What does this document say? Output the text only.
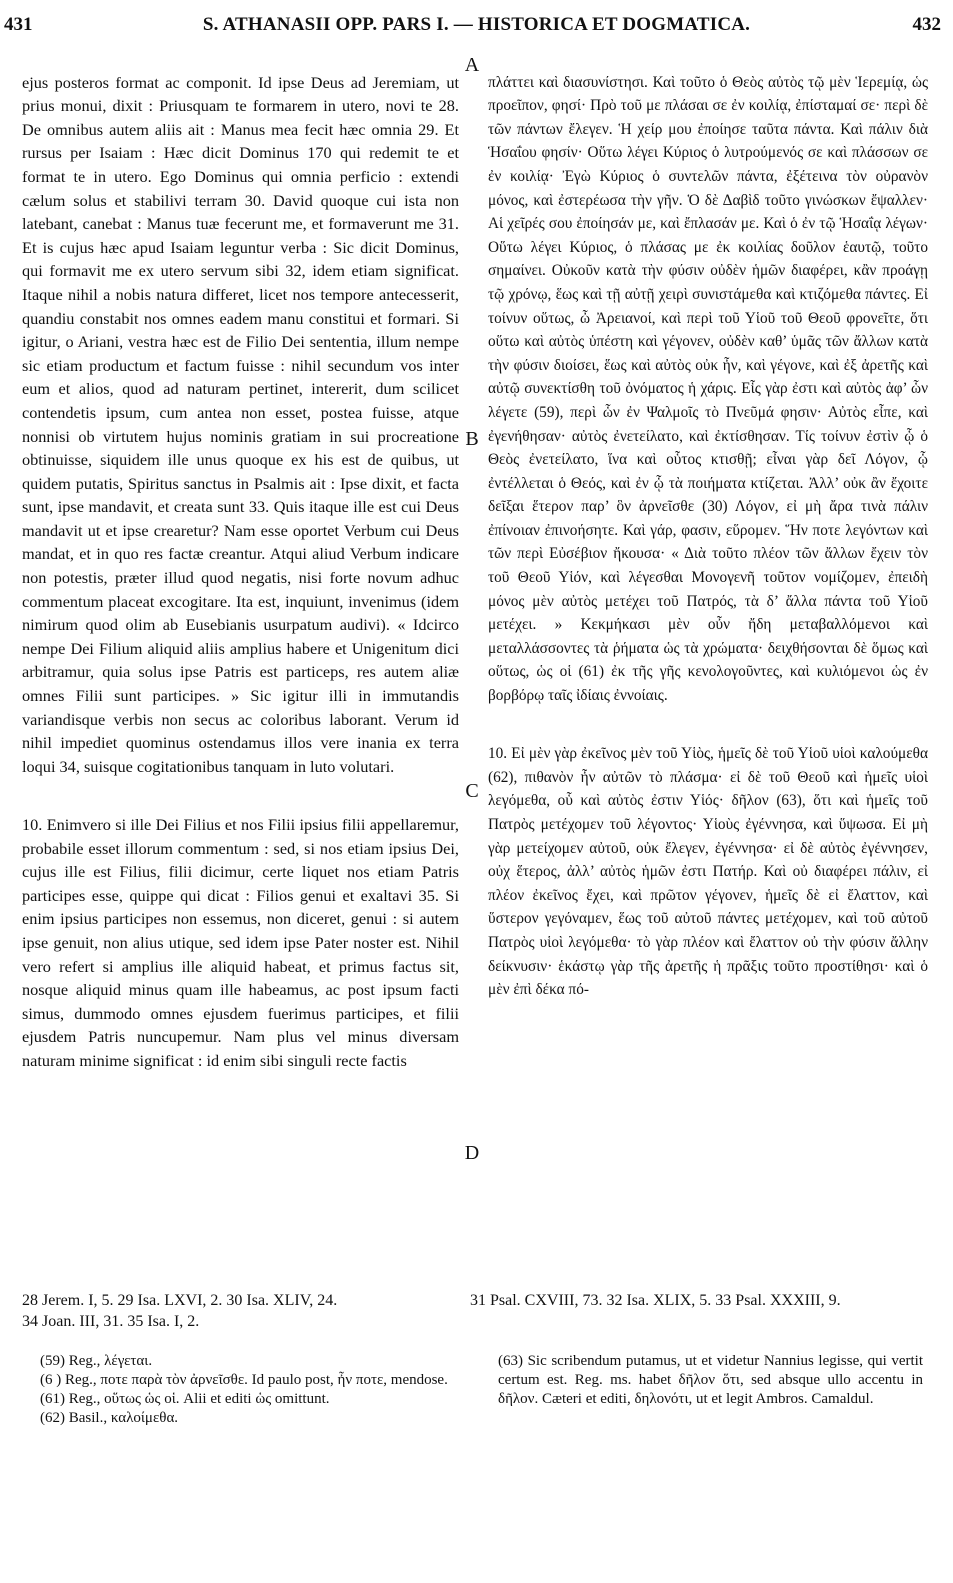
431	S. ATHANASII OPP. PARS I. — HISTORICA ET DOGMATICA.	432

ejus posteros format ac componit. Id ipse Deus ad Jeremiam, ut prius monui, dixit : Priusquam te formarem in utero, novi te 28. De omnibus autem aliis ait : Manus mea fecit hæc omnia 29. Et rursus per Isaiam : Hæc dicit Dominus 170 qui redemit te et format te in utero. Ego Dominus qui omnia perficio : extendi cælum solus et stabilivi terram 30. David quoque cui ista non latebant, canebat : Manus tuæ fecerunt me, et formaverunt me 31. Et is cujus hæc apud Isaiam leguntur verba : Sic dicit Dominus, qui formavit me ex utero servum sibi 32, idem etiam significat. Itaque nihil a nobis natura differet, licet nos tempore antecesserit, quandiu constabit nos omnes eadem manu constitui et formari. Si igitur, o Ariani, vestra hæc est de Filio Dei sententia, illum nempe sic etiam productum et factum fuisse : nihil secundum vos inter eum et alios, quod ad naturam pertinet, intererit, dum scilicet contendetis ipsum, cum antea non esset, postea fuisse, atque nonnisi ob virtutem hujus nominis gratiam in sui procreatione obtinuisse, siquidem ille unus quoque ex his est de quibus, ut quidem putatis, Spiritus sanctus in Psalmis ait : Ipse dixit, et facta sunt, ipse mandavit, et creata sunt 33. Quis itaque ille est cui Deus mandavit ut et ipse crearetur? Nam esse oportet Verbum cui Deus mandat, et in quo res factæ creantur. Atqui aliud Verbum indicare non potestis, præter illud quod negatis, nisi forte novum adhuc commentum placeat excogitare. Ita est, inquiunt, invenimus (idem nimirum quod olim ab Eusebianis usurpatum audivi). « Idcirco nempe Dei Filium aliquid aliis amplius habere et Unigenitum dici arbitramur, quia solus ipse Patris est particeps, res autem aliæ omnes Filii sunt participes. » Sic igitur illi in immutandis variandisque verbis non secus ac coloribus laborant. Verum id nihil impediet quominus ostendamus illos vere inania ex terra loqui 34, suisque cogitationibus tanquam in luto volutari.

10. Enimvero si ille Dei Filius et nos Filii ipsius filii appellaremur, probabile esset illorum commentum : sed, si nos etiam ipsius Dei, cujus ille est Filius, filii dicimur, certe liquet nos etiam Patris participes esse, quippe qui dicat : Filios genui et exaltavi 35. Si enim ipsius participes non essemus, non diceret, genui : si autem ipse genuit, non alius utique, sed idem ipse Pater noster est. Nihil vero refert si amplius ille aliquid habeat, et primus factus sit, nosque aliquid minus quam ille habeamus, ac post ipsum facti simus, dummodo omnes ejusdem fuerimus participes, et filii ejusdem Patris nuncupemur. Nam plus vel minus diversam naturam minime significat : id enim sibi singuli recte factis

A
B
C
D

πλάττει καὶ διασυνίστησι. Καὶ τοῦτο ὁ Θεὸς αὐτὸς τῷ μὲν Ἱερεμίᾳ, ὡς προεῖπον, φησί· Πρὸ τοῦ με πλάσαι σε ἐν κοιλίᾳ, ἐπίσταμαί σε· περὶ δὲ τῶν πάντων ἔλεγεν. Ἡ χείρ μου ἐποίησε ταῦτα πάντα. Καὶ πάλιν διὰ Ἡσαΐου φησίν· Οὕτω λέγει Κύριος ὁ λυτρούμενός σε καὶ πλάσσων σε ἐν κοιλίᾳ· Ἐγὼ Κύριος ὁ συντελῶν πάντα, ἐξέτεινα τὸν οὐρανὸν μόνος, καὶ ἐστερέωσα τὴν γῆν. Ὁ δὲ Δαβὶδ τοῦτο γινώσκων ἔψαλλεν· Αἱ χεῖρές σου ἐποίησάν με, καὶ ἔπλασάν με. Καὶ ὁ ἐν τῷ Ἡσαΐᾳ λέγων· Οὕτω λέγει Κύριος, ὁ πλάσας με ἐκ κοιλίας δοῦλον ἑαυτῷ, τοῦτο σημαίνει. Οὐκοῦν κατὰ τὴν φύσιν οὐδὲν ἡμῶν διαφέρει, κἂν προάγῃ τῷ χρόνῳ, ἕως καὶ τῇ αὐτῇ χειρὶ συνιστάμεθα καὶ κτιζόμεθα πάντες. Εἰ τοίνυν οὕτως, ὦ Ἀρειανοί, καὶ περὶ τοῦ Υἱοῦ τοῦ Θεοῦ φρονεῖτε, ὅτι οὕτω καὶ αὐτὸς ὑπέστη καὶ γέγονεν, οὐδὲν καθ’ ὑμᾶς τῶν ἄλλων κατὰ τὴν φύσιν διοίσει, ἕως καὶ αὐτὸς οὐκ ἦν, καὶ γέγονε, καὶ ἐξ ἀρετῆς καὶ αὐτῷ συνεκτίσθη τοῦ ὀνόματος ἡ χάρις. Εἷς γὰρ ἐστι καὶ αὐτὸς ἀφ’ ὧν λέγετε (59), περὶ ὧν ἐν Ψαλμοῖς τὸ Πνεῦμά φησιν· Αὐτὸς εἶπε, καὶ ἐγενήθησαν· αὐτὸς ἐνετείλατο, καὶ ἐκτίσθησαν. Τίς τοίνυν ἐστὶν ᾧ ὁ Θεὸς ἐνετείλατο, ἵνα καὶ οὗτος κτισθῇ; εἶναι γὰρ δεῖ Λόγον, ᾧ ἐντέλλεται ὁ Θεός, καὶ ἐν ᾧ τὰ ποιήματα κτίζεται. Ἀλλ’ οὐκ ἂν ἔχοιτε δεῖξαι ἕτερον παρ’ ὃν ἀρνεῖσθε (30) Λόγον, εἰ μὴ ἄρα τινὰ πάλιν ἐπίνοιαν ἐπινοήσητε. Καὶ γάρ, φασιν, εὕρομεν. Ἥν ποτε λεγόντων καὶ τῶν περὶ Εὐσέβιον ἤκουσα· « Διὰ τοῦτο πλέον τῶν ἄλλων ἔχειν τὸν τοῦ Θεοῦ Υἱόν, καὶ λέγεσθαι Μονογενῆ τοῦτον νομίζομεν, ἐπειδὴ μόνος μὲν αὐτὸς μετέχει τοῦ Πατρός, τὰ δ’ ἄλλα πάντα τοῦ Υἱοῦ μετέχει. » Κεκμήκασι μὲν οὖν ἤδη μεταβαλλόμενοι καὶ μεταλλάσσοντες τὰ ῥήματα ὡς τὰ χρώματα· δειχθήσονται δὲ ὅμως καὶ οὕτως, ὡς οἱ (61) ἐκ τῆς γῆς κενολογοῦντες, καὶ κυλιόμενοι ὡς ἐν βορβόρῳ ταῖς ἰδίαις ἐννοίαις.

10. Εἰ μὲν γὰρ ἐκεῖνος μὲν τοῦ Υἱὸς, ἡμεῖς δὲ τοῦ Υἱοῦ υἱοὶ καλούμεθα (62), πιθανὸν ἦν αὐτῶν τὸ πλάσμα· εἰ δὲ τοῦ Θεοῦ καὶ ἡμεῖς υἱοὶ λεγόμεθα, οὗ καὶ αὐτὸς ἐστιν Υἱός· δῆλον (63), ὅτι καὶ ἡμεῖς τοῦ Πατρὸς μετέχομεν τοῦ λέγοντος· Υἱοὺς ἐγέννησα, καὶ ὕψωσα. Εἰ μὴ γὰρ μετείχομεν αὐτοῦ, οὐκ ἔλεγεν, ἐγέννησα· εἰ δὲ αὐτὸς ἐγέννησεν, οὐχ ἕτερος, ἀλλ’ αὐτὸς ἡμῶν ἐστι Πατήρ. Καὶ οὐ διαφέρει πάλιν, εἰ πλέον ἐκεῖνος ἔχει, καὶ πρῶτον γέγονεν, ἡμεῖς δὲ εἰ ἔλαττον, καὶ ὕστερον γεγόναμεν, ἕως τοῦ αὐτοῦ πάντες μετέχομεν, καὶ τοῦ αὐτοῦ Πατρὸς υἱοὶ λεγόμεθα· τὸ γὰρ πλέον καὶ ἔλαττον οὐ τὴν φύσιν ἄλλην δείκνυσιν· ἑκάστῳ γὰρ τῆς ἀρετῆς ἡ πρᾶξις τοῦτο προστίθησι· καὶ ὁ μὲν ἐπὶ δέκα πό-

28 Jerem. I, 5. 29 Isa. LXVI, 2. 30 Isa. XLIV, 24.
34 Joan. III, 31. 35 Isa. I, 2.
31 Psal. CXVIII, 73. 32 Isa. XLIX, 5. 33 Psal. XXXIII, 9.
(59) Reg., λέγεται.
(6 ) Reg., ποτε παρὰ τὸν ἀρνεῖσθε. Id paulo post, ἦν ποτε, mendose.
(61) Reg., οὕτως ὡς οἱ. Alii et editi ὡς omittunt.
(62) Basil., καλοίμεθα.
(63) Sic scribendum putamus, ut et videtur Nannius legisse, qui vertit certum est. Reg. ms. habet δῆλον ὅτι, sed absque ullo accentu in δῆλον. Cæteri et editi, δηλονότι, ut et legit Ambros. Camaldul.
